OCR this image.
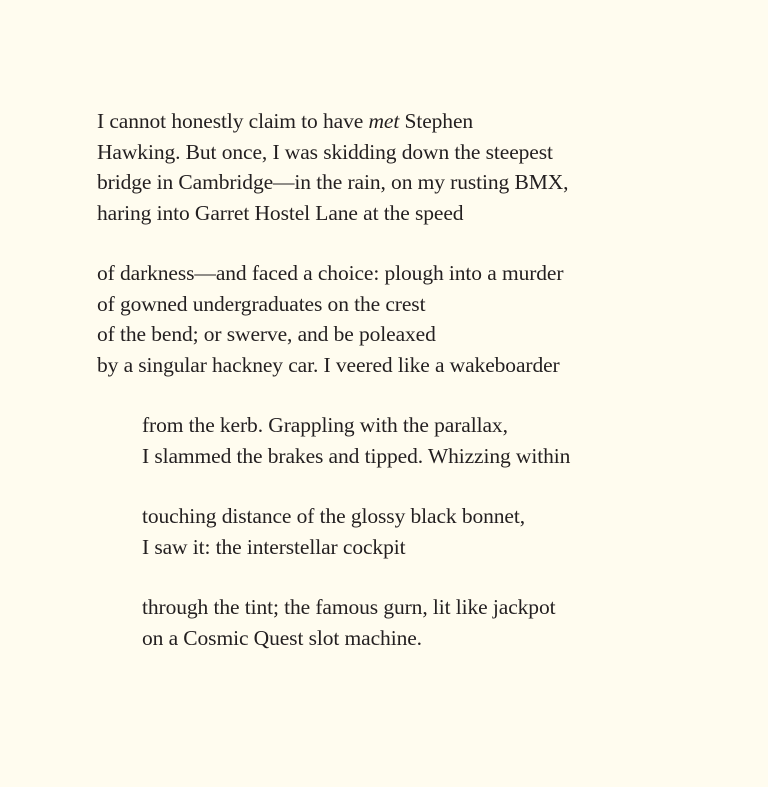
I cannot honestly claim to have met Stephen
Hawking. But once, I was skidding down the steepest
bridge in Cambridge—in the rain, on my rusting BMX,
haring into Garret Hostel Lane at the speed
of darkness—and faced a choice: plough into a murder
of gowned undergraduates on the crest
of the bend; or swerve, and be poleaxed
by a singular hackney car. I veered like a wakeboarder
from the kerb. Grappling with the parallax,
I slammed the brakes and tipped. Whizzing within
touching distance of the glossy black bonnet,
I saw it: the interstellar cockpit
through the tint; the famous gurn, lit like jackpot
on a Cosmic Quest slot machine.
